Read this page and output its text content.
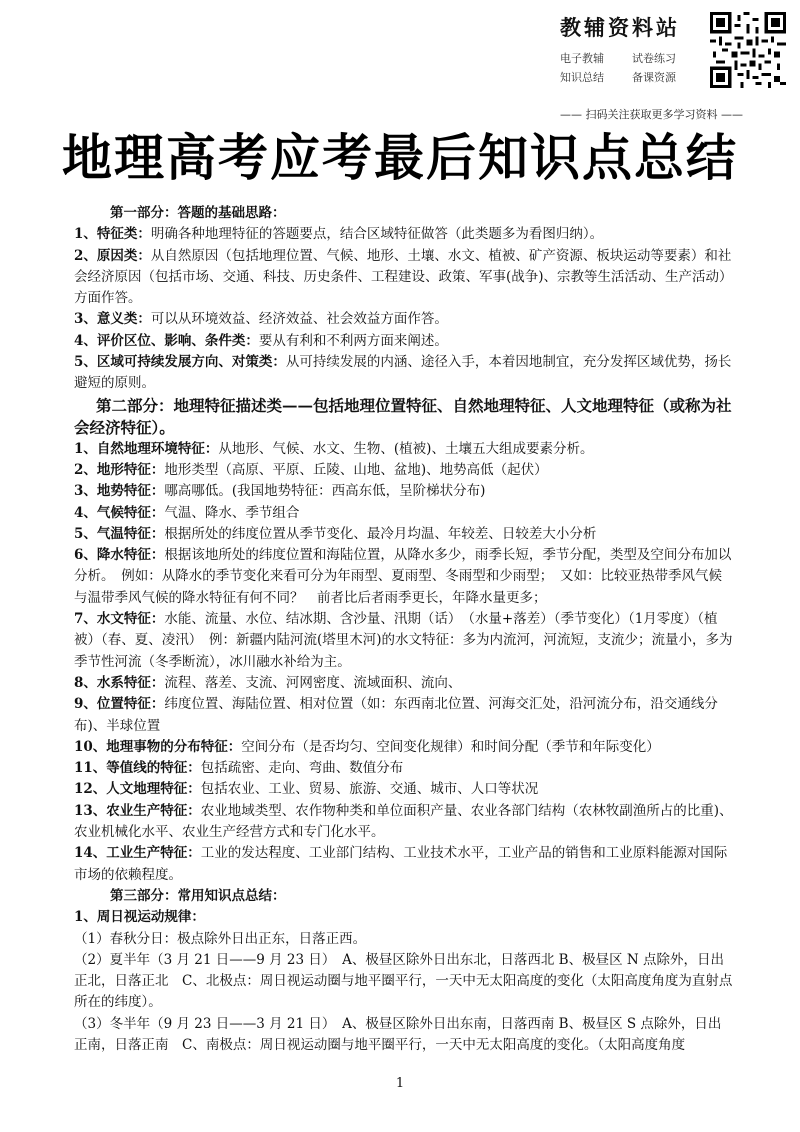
教辅资料站
电子教辅	试卷练习
知识总结	备课资源
—— 扫码关注获取更多学习资料 ——
地理高考应考最后知识点总结

第一部分：答题的基础思路：

1、特征类：明确各种地理特征的答题要点，结合区域特征做答（此类题多为看图归纳）。

2、原因类：从自然原因（包括地理位置、气候、地形、土壤、水文、植被、矿产资源、板块运动等要素）和社会经济原因（包括市场、交通、科技、历史条件、工程建设、政策、军事(战争)、宗教等生活活动、生产活动）方面作答。

3、意义类：可以从环境效益、经济效益、社会效益方面作答。

4、评价区位、影响、条件类：要从有利和不利两方面来阐述。

5、区域可持续发展方向、对策类：从可持续发展的内涵、途径入手，本着因地制宜，充分发挥区域优势，扬长避短的原则。

第二部分：地理特征描述类——包括地理位置特征、自然地理特征、人文地理特征（或称为社会经济特征）。

1、自然地理环境特征：从地形、气候、水文、生物、(植被)、土壤五大组成要素分析。

2、地形特征：地形类型（高原、平原、丘陵、山地、盆地)、地势高低（起伏）

3、地势特征：哪高哪低。(我国地势特征：西高东低，呈阶梯状分布)

4、气候特征：气温、降水、季节组合

5、气温特征：根据所处的纬度位置从季节变化、最冷月均温、年较差、日较差大小分析

6、降水特征：根据该地所处的纬度位置和海陆位置，从降水多少，雨季长短，季节分配，类型及空间分布加以分析。　例如：从降水的季节变化来看可分为年雨型、夏雨型、冬雨型和少雨型；　又如：比较亚热带季风气候与温带季风气候的降水特征有何不同？　前者比后者雨季更长，年降水量更多；

7、水文特征：水能、流量、水位、结冰期、含沙量、汛期（话）　（水量+落差）（季节变化）（1月零度）（植被）（春、夏、凌汛）　例：新疆内陆河流(塔里木河)的水文特征：多为内流河，河流短，支流少；流量小，多为季节性河流（冬季断流），冰川融水补给为主。

8、水系特征：流程、落差、支流、河网密度、流域面积、流向、

9、位置特征：纬度位置、海陆位置、相对位置（如：东西南北位置、河海交汇处，沿河流分布，沿交通线分布)、半球位置

10、地理事物的分布特征：空间分布（是否均匀、空间变化规律）和时间分配（季节和年际变化）

11、等值线的特征：包括疏密、走向、弯曲、数值分布

12、人文地理特征：包括农业、工业、贸易、旅游、交通、城市、人口等状况

13、农业生产特征：农业地域类型、农作物种类和单位面积产量、农业各部门结构（农林牧副渔所占的比重)、农业机械化水平、农业生产经营方式和专门化水平。

14、工业生产特征：工业的发达程度、工业部门结构、工业技术水平，工业产品的销售和工业原料能源对国际市场的依赖程度。

第三部分：常用知识点总结：

1、周日视运动规律：

（1）春秋分日：极点除外日出正东，日落正西。

（2）夏半年（3 月 21 日——9 月 23 日）　A、极昼区除外日出东北，日落西北 B、极昼区 N 点除外，日出正北，日落正北　C、北极点：周日视运动圈与地平圈平行，一天中无太阳高度的变化（太阳高度角度为直射点所在的纬度）。

（3）冬半年（9 月 23 日——3 月 21 日）　A、极昼区除外日出东南，日落西南 B、极昼区 S 点除外，日出正南，日落正南　C、南极点：周日视运动圈与地平圈平行，一天中无太阳高度的变化。（太阳高度角度

1
